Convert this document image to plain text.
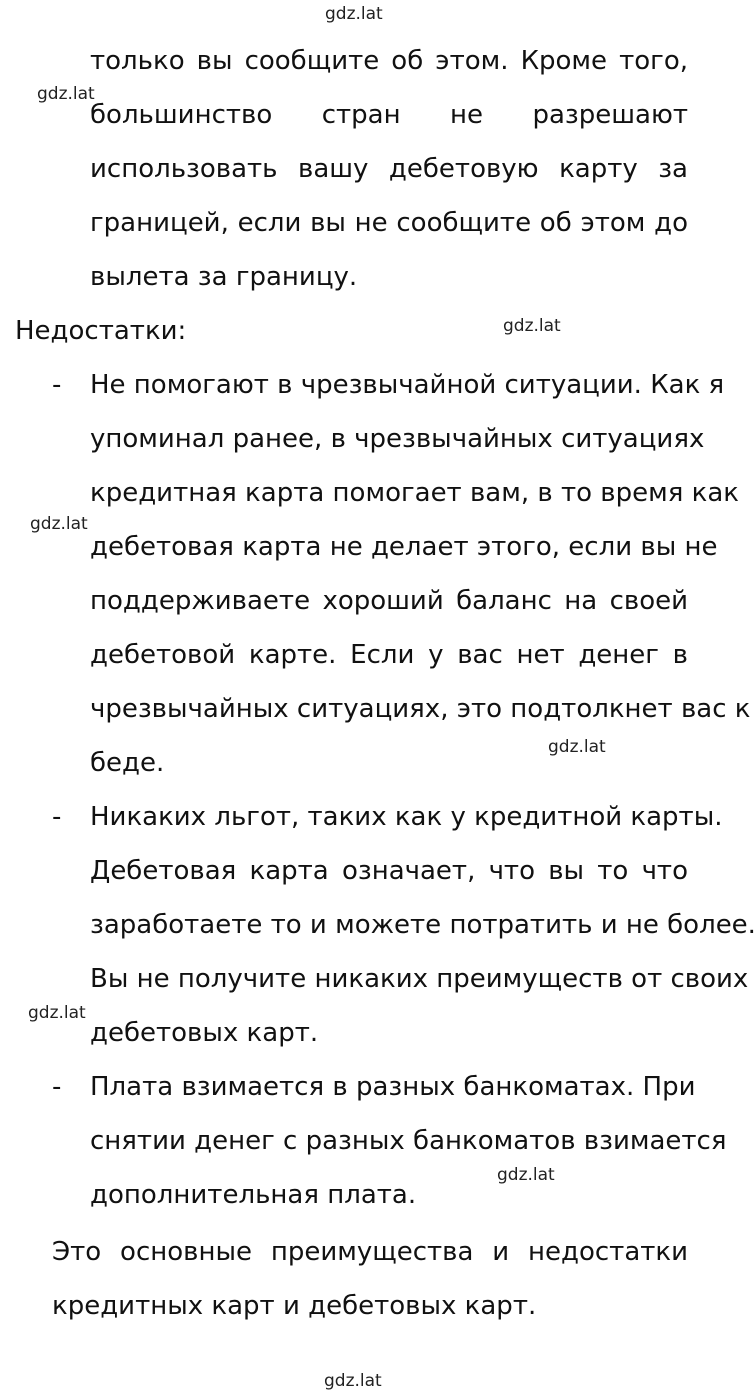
gdz.lat
gdz.lat
gdz.lat
gdz.lat
gdz.lat
gdz.lat
gdz.lat
gdz.lat
только вы сообщите об этом. Кроме того,
большинство стран не разрешают
использовать вашу дебетовую карту за
границей, если вы не сообщите об этом до
вылета за границу.
Недостатки:
- Не помогают в чрезвычайной ситуации. Как я
упоминал ранее, в чрезвычайных ситуациях
кредитная карта помогает вам, в то время как
дебетовая карта не делает этого, если вы не
поддерживаете хороший баланс на своей
дебетовой карте. Если у вас нет денег в
чрезвычайных ситуациях, это подтолкнет вас к
беде.
- Никаких льгот, таких как у кредитной карты.
Дебетовая карта означает, что вы то что
заработаете то и можете потратить и не более.
Вы не получите никаких преимуществ от своих
дебетовых карт.
- Плата взимается в разных банкоматах. При
снятии денег с разных банкоматов взимается
дополнительная плата.
Это основные преимущества и недостатки
кредитных карт и дебетовых карт.
